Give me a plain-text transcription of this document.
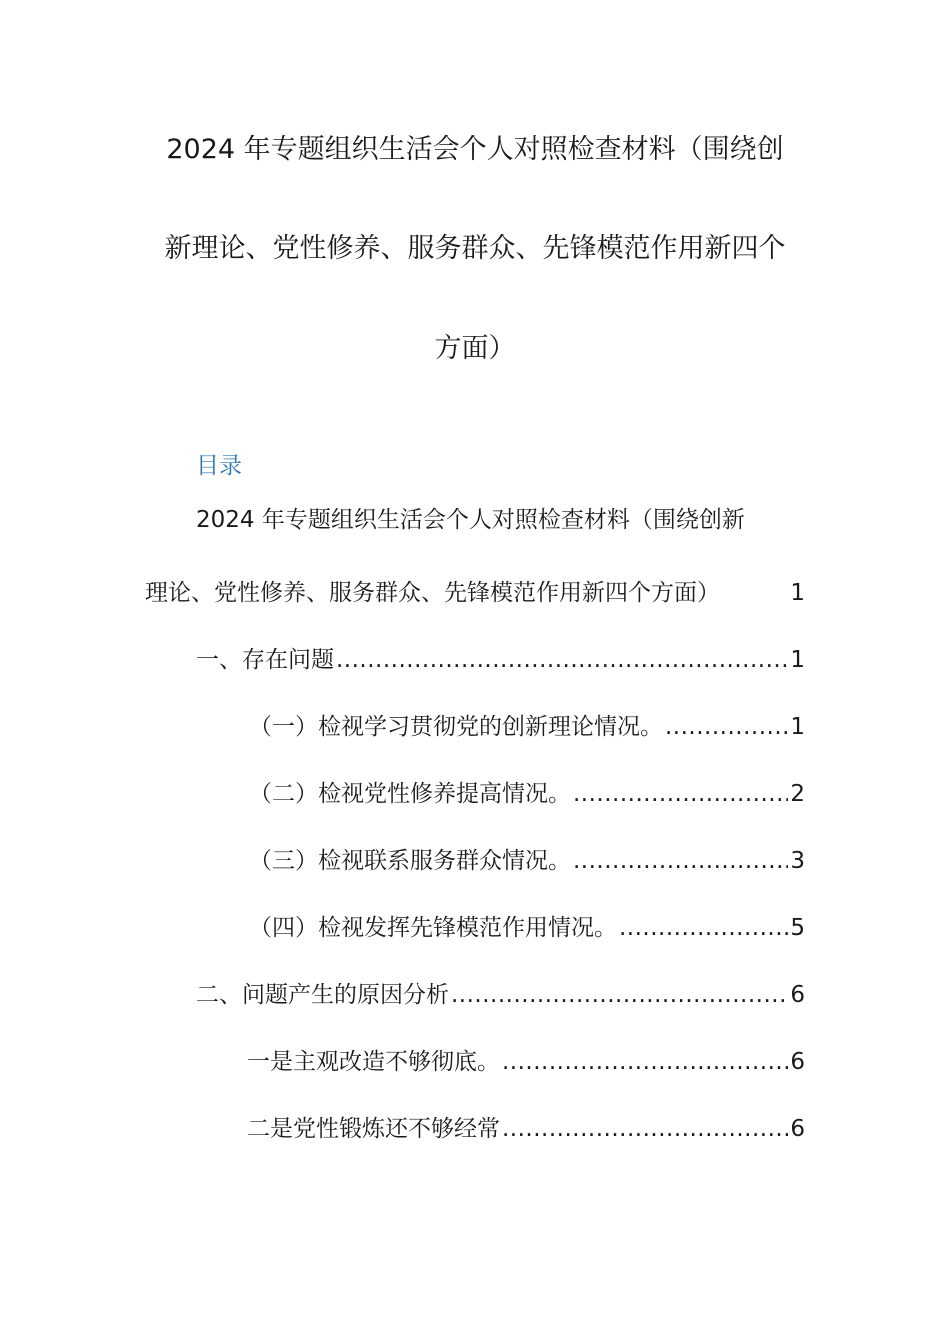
2024 年专题组织生活会个人对照检查材料（围绕创
新理论、党性修养、服务群众、先锋模范作用新四个
方面）
目录
2024 年专题组织生活会个人对照检查材料（围绕创新
理论、党性修养、服务群众、先锋模范作用新四个方面）	1
一、存在问题 .....	1
（一）检视学习贯彻党的创新理论情况。 .....	1
（二）检视党性修养提高情况。 .....	2
（三）检视联系服务群众情况。 .....	3
（四）检视发挥先锋模范作用情况。 .....	5
二、问题产生的原因分析 .....	6
一是主观改造不够彻底。 .....	6
二是党性锻炼还不够经常 .....	6
